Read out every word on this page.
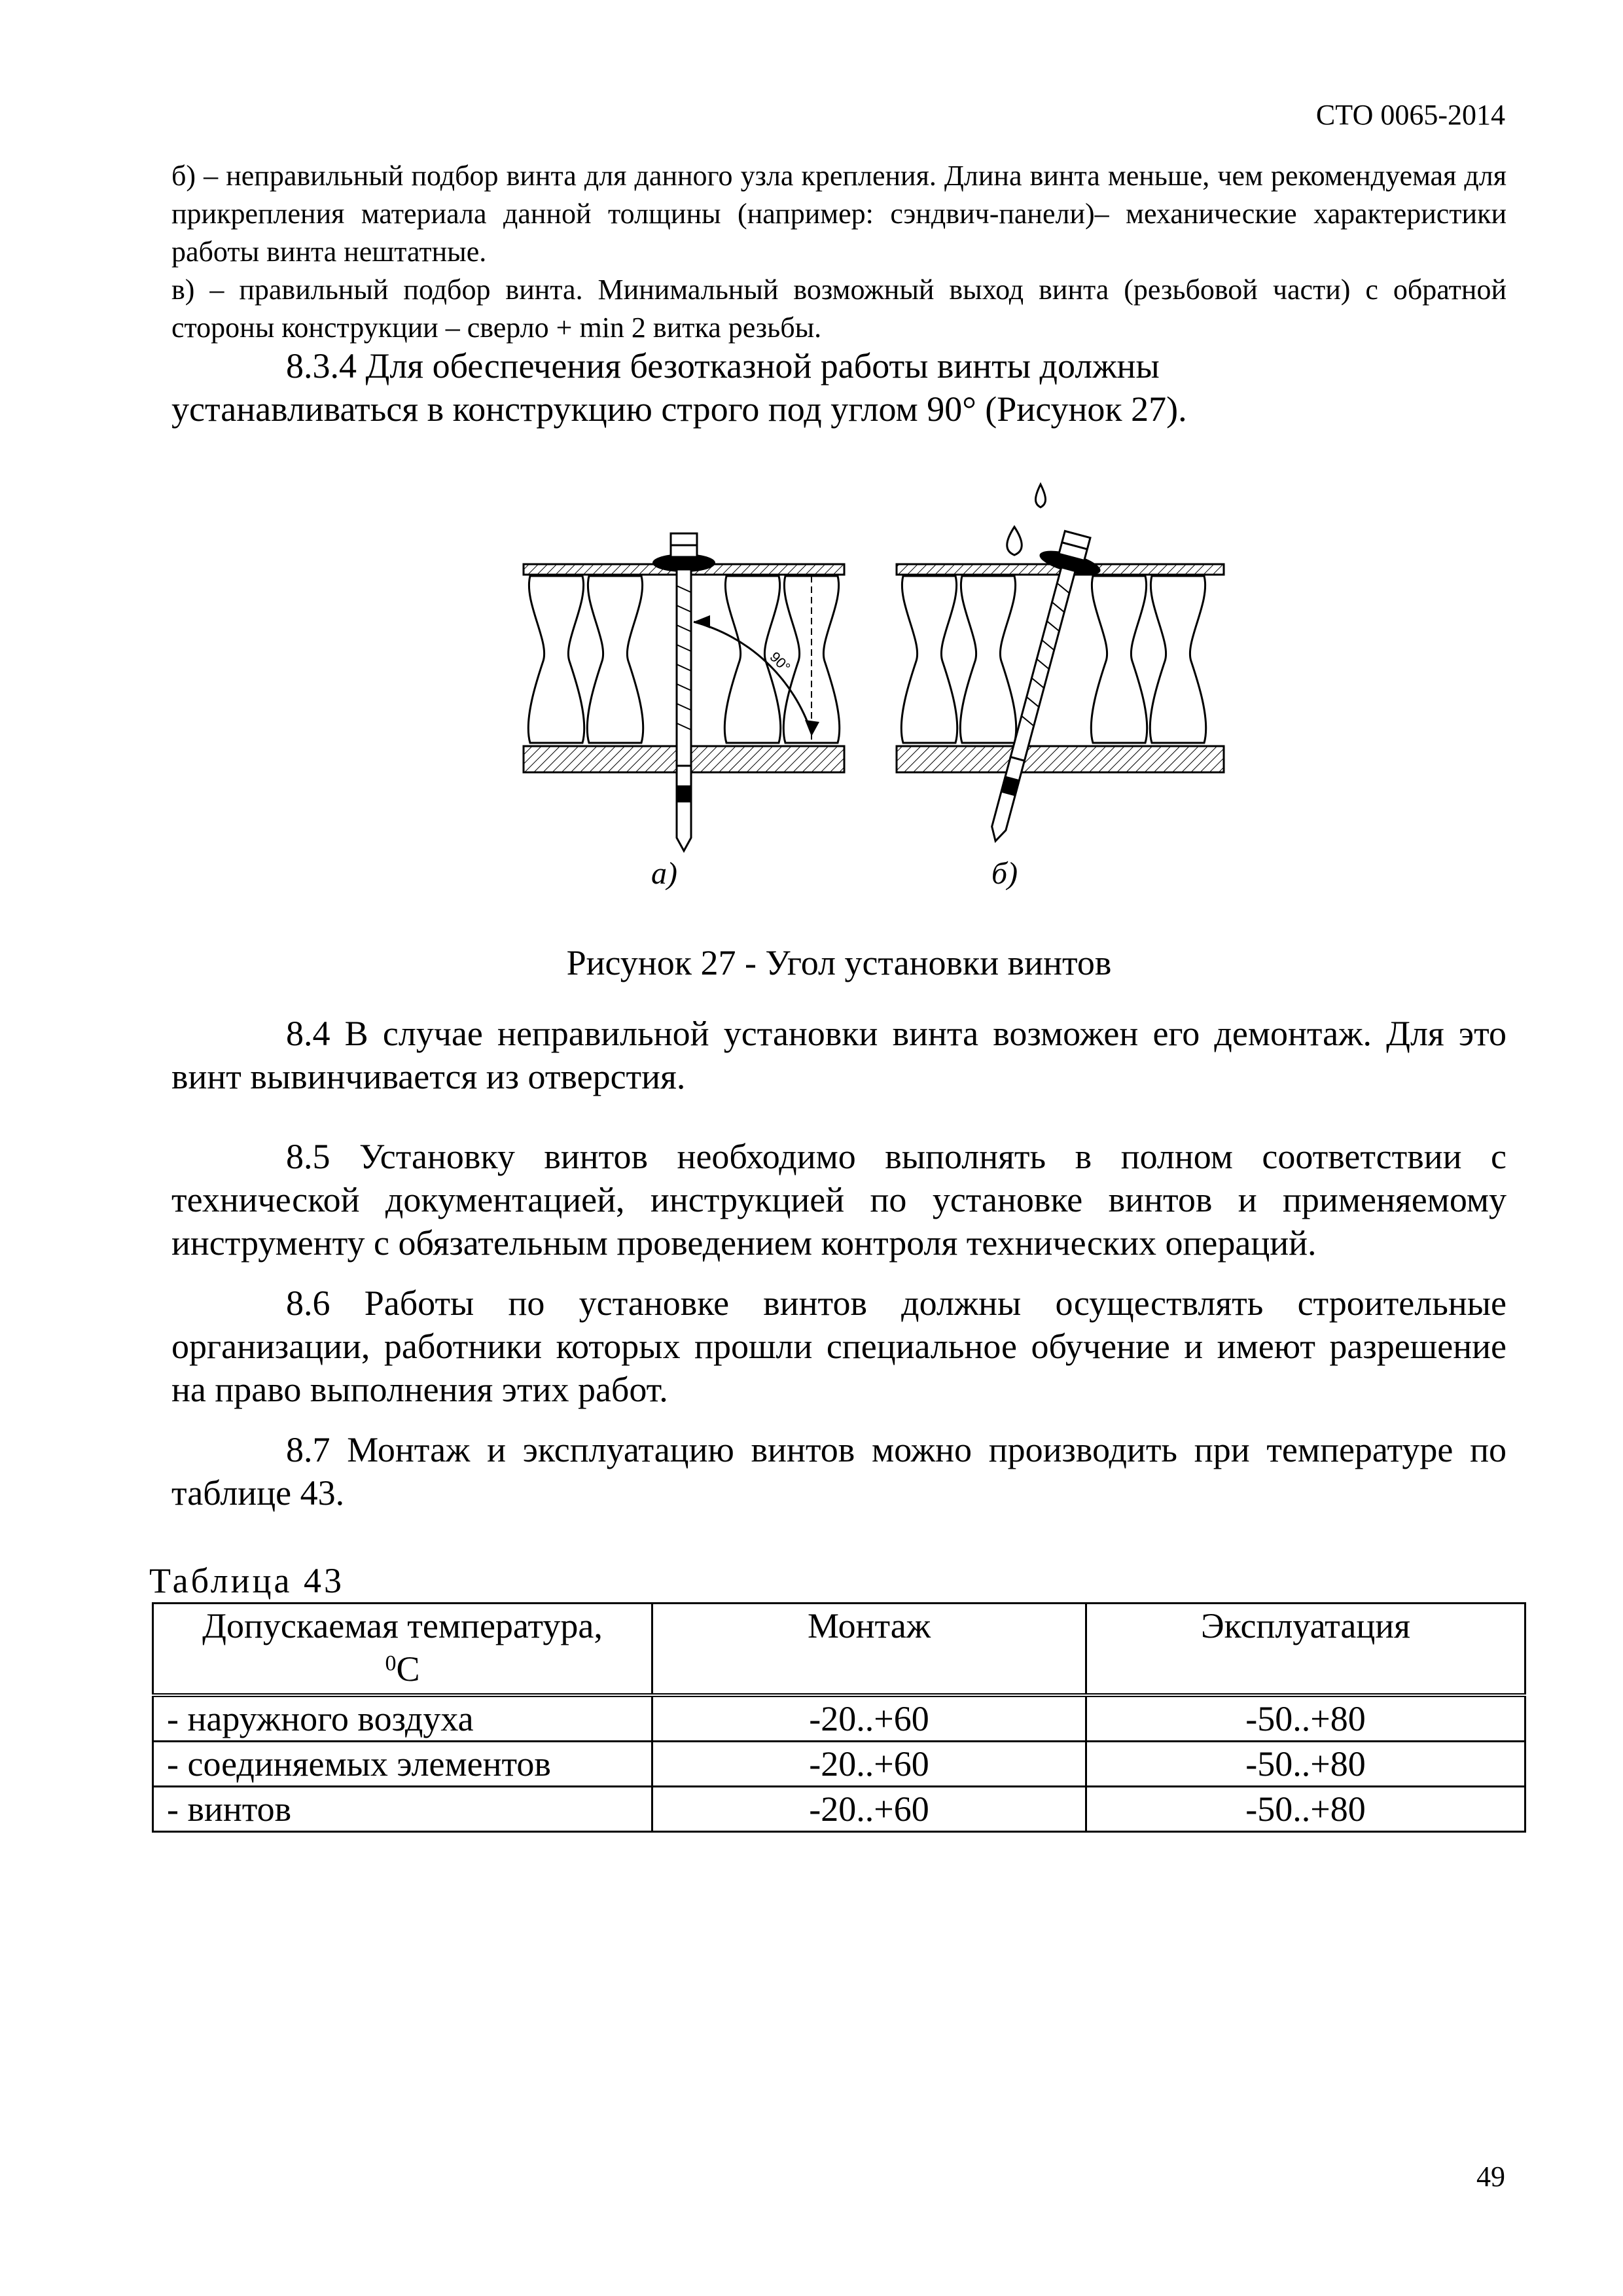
СТО 0065-2014
б) – неправильный подбор винта для данного узла крепления. Длина винта меньше, чем рекомендуемая для прикрепления материала данной толщины (например: сэндвич-панели)– механические характеристики работы винта нештатные.
в) – правильный подбор винта. Минимальный возможный выход винта (резьбовой части) с обратной стороны конструкции – сверло + min 2 витка резьбы.
8.3.4 Для обеспечения безотказной работы винты должны устанавливаться в конструкцию строго под углом 90° (Рисунок 27).
90°
а)	б)
Рисунок 27 - Угол установки винтов
8.4 В случае неправильной установки винта возможен его демонтаж. Для это винт вывинчивается из отверстия.
8.5 Установку винтов необходимо выполнять в полном соответствии с технической документацией, инструкцией по установке винтов и применяемому инструменту с обязательным проведением контроля технических операций.
8.6 Работы по установке винтов должны осуществлять строительные организации, работники которых прошли специальное обучение и имеют разрешение на право выполнения этих работ.
8.7 Монтаж и эксплуатацию винтов можно производить при температуре по таблице 43.
Таблица 43
Допускаемая температура,
$^0$С	Монтаж	Эксплуатация
- наружного воздуха	-20..+60	-50..+80
- соединяемых элементов	-20..+60	-50..+80
- винтов	-20..+60	-50..+80
49
